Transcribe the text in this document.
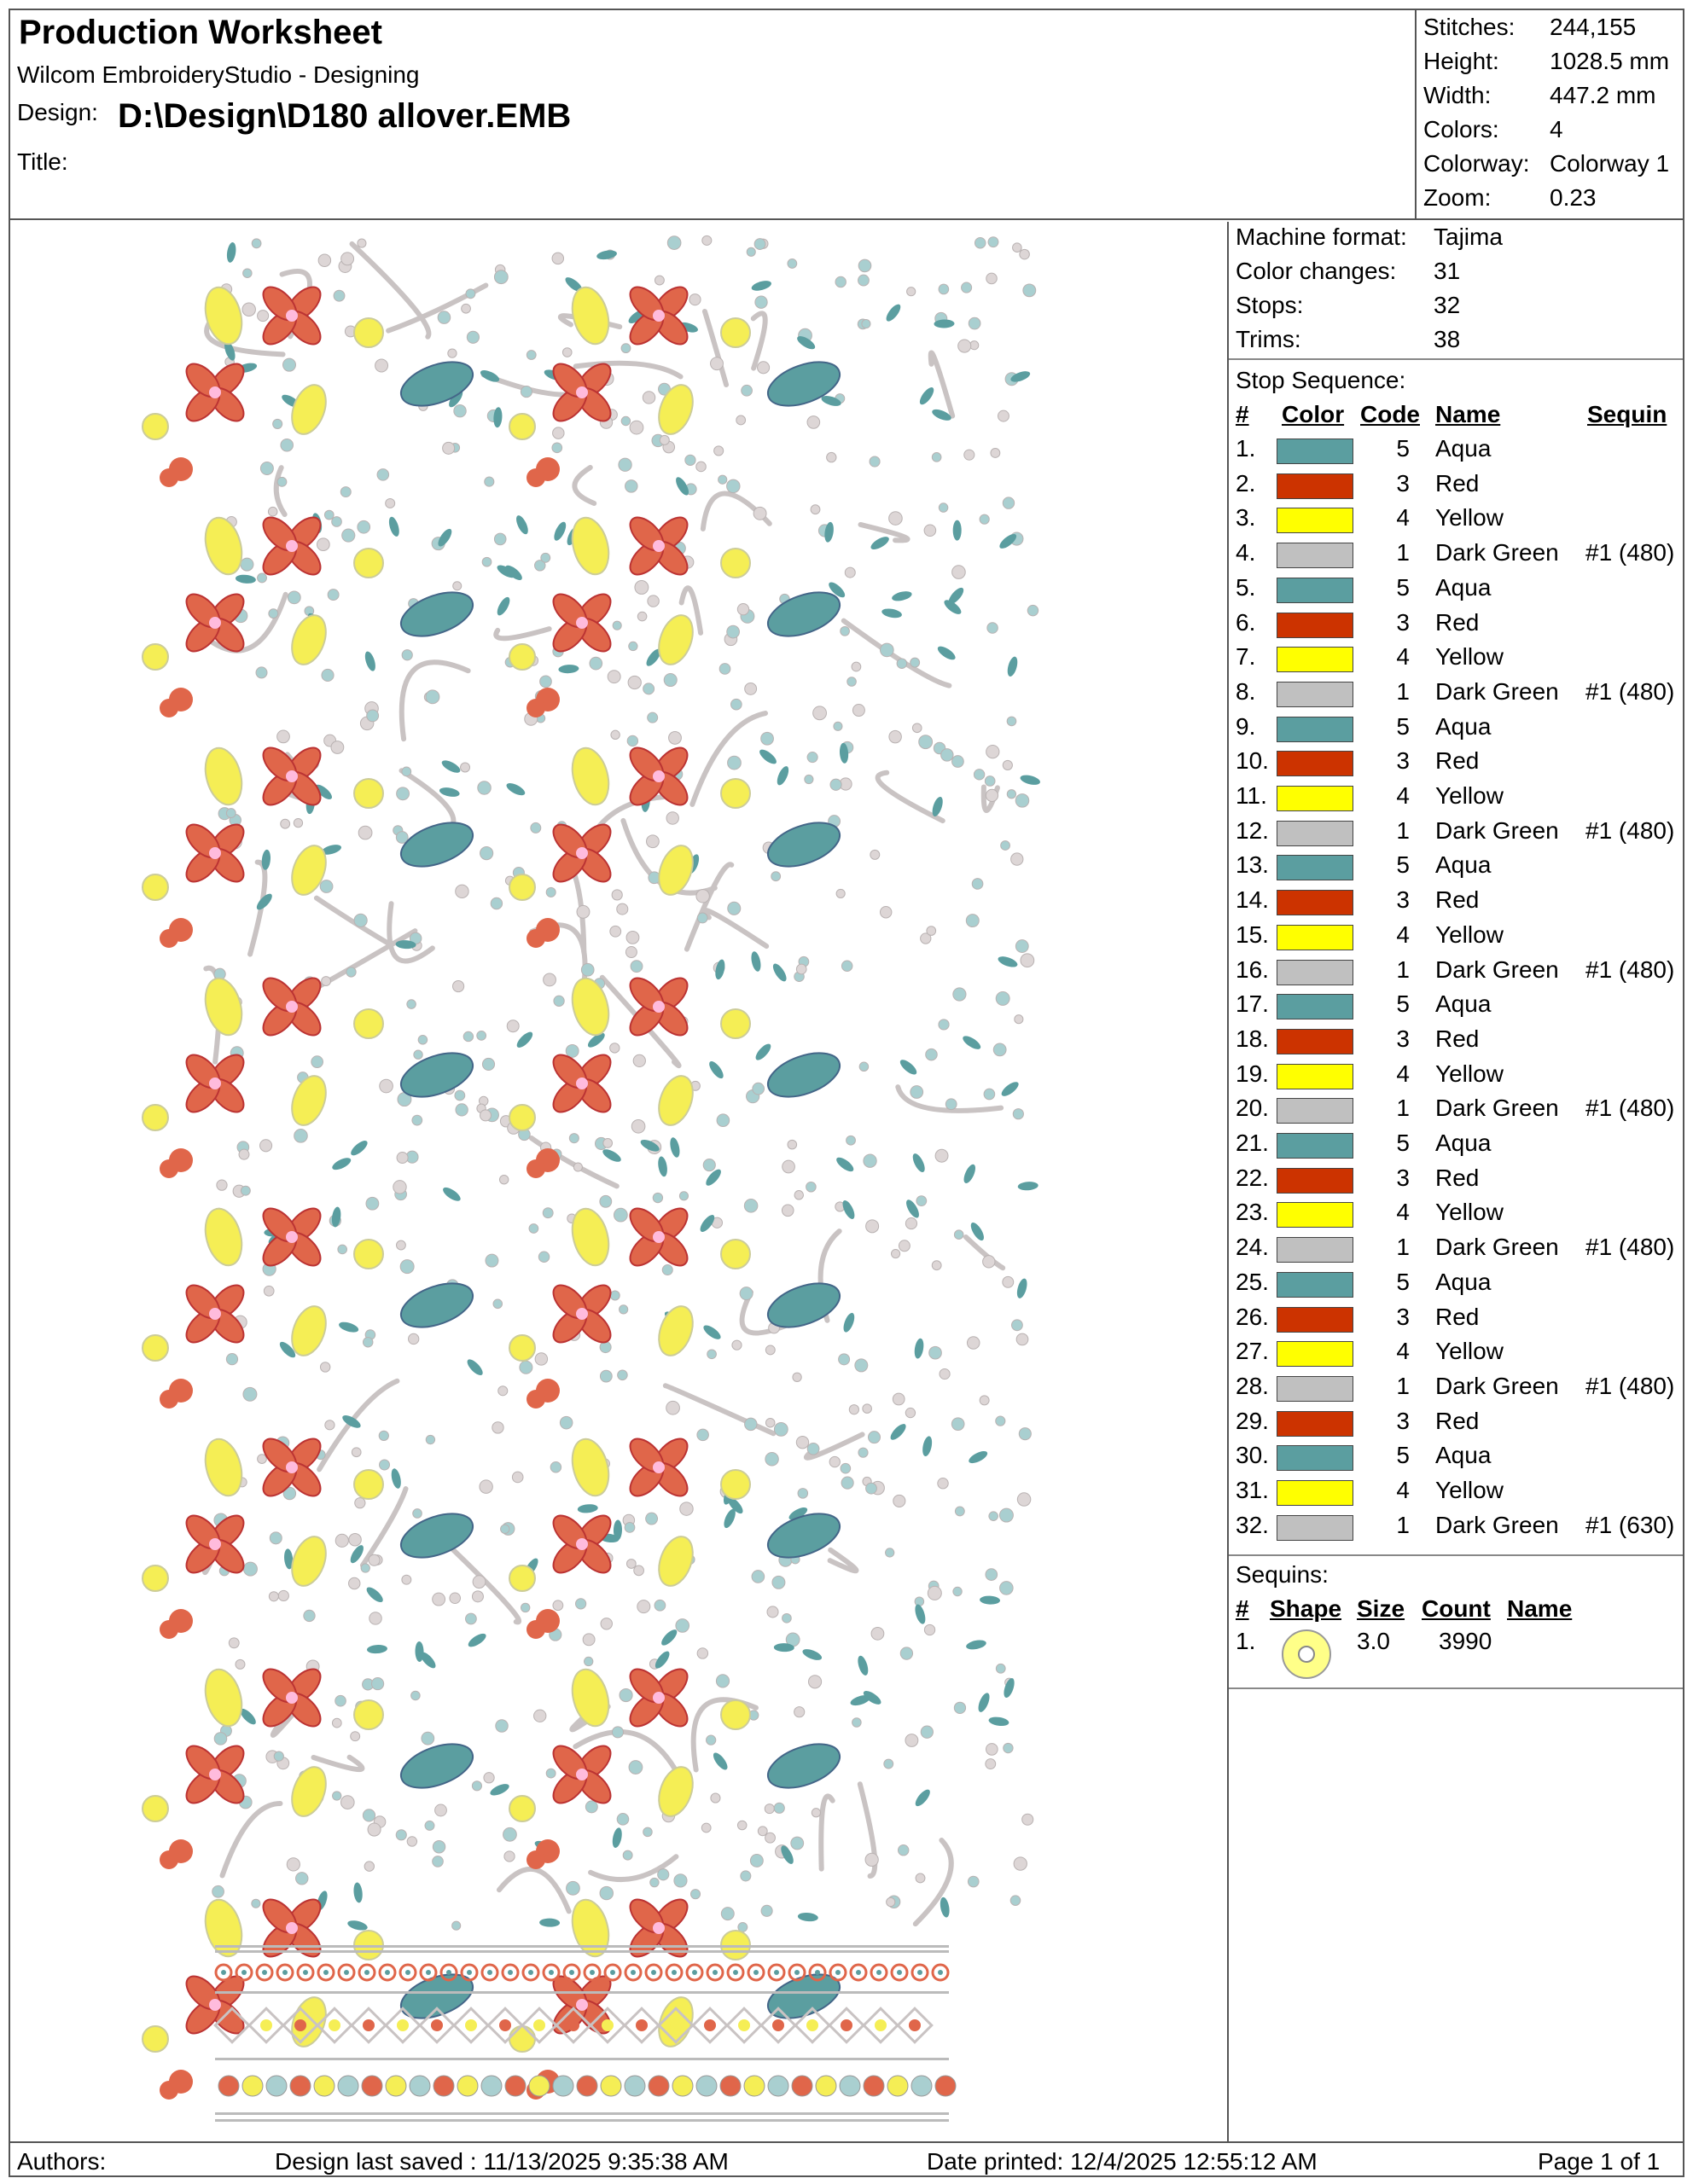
Production Worksheet
Wilcom EmbroideryStudio - Designing
Design: D:\Design\D180 allover.EMB
Title:
Stitches: 244,155
Height: 1028.5 mm
Width: 447.2 mm
Colors: 4
Colorway: Colorway 1
Zoom: 0.23
Machine format: Tajima
Color changes: 31
Stops:	32
Trims:	38
Stop Sequence:
# Color Code Name	Sequin
1.	5 Aqua
2.	3 Red
3.	4 Yellow
4.	1 Dark Green #1 (480)
5.	5 Aqua
6.	3 Red
7.	4 Yellow
8.	1 Dark Green #1 (480)
9.	5 Aqua
10.	3 Red
11.	4 Yellow
12.	1 Dark Green #1 (480)
13.	5 Aqua
14.	3 Red
15.	4 Yellow
16.	1 Dark Green #1 (480)
17.	5 Aqua
18.	3 Red
19.	4 Yellow
20.	1 Dark Green #1 (480)
21.	5 Aqua
22.	3 Red
23.	4 Yellow
24.	1 Dark Green #1 (480)
25.	5 Aqua
26.	3 Red
27.	4 Yellow
28.	1 Dark Green #1 (480)
29.	3 Red
30.	5 Aqua
31.	4 Yellow
32.	1 Dark Green #1 (630)
Sequins:
# Shape Size Count Name
1.	3.0 3990
Authors:	Design last saved : 11/13/2025 9:35:38 AM	Date printed: 12/4/2025 12:55:12 AM	Page 1 of 1
